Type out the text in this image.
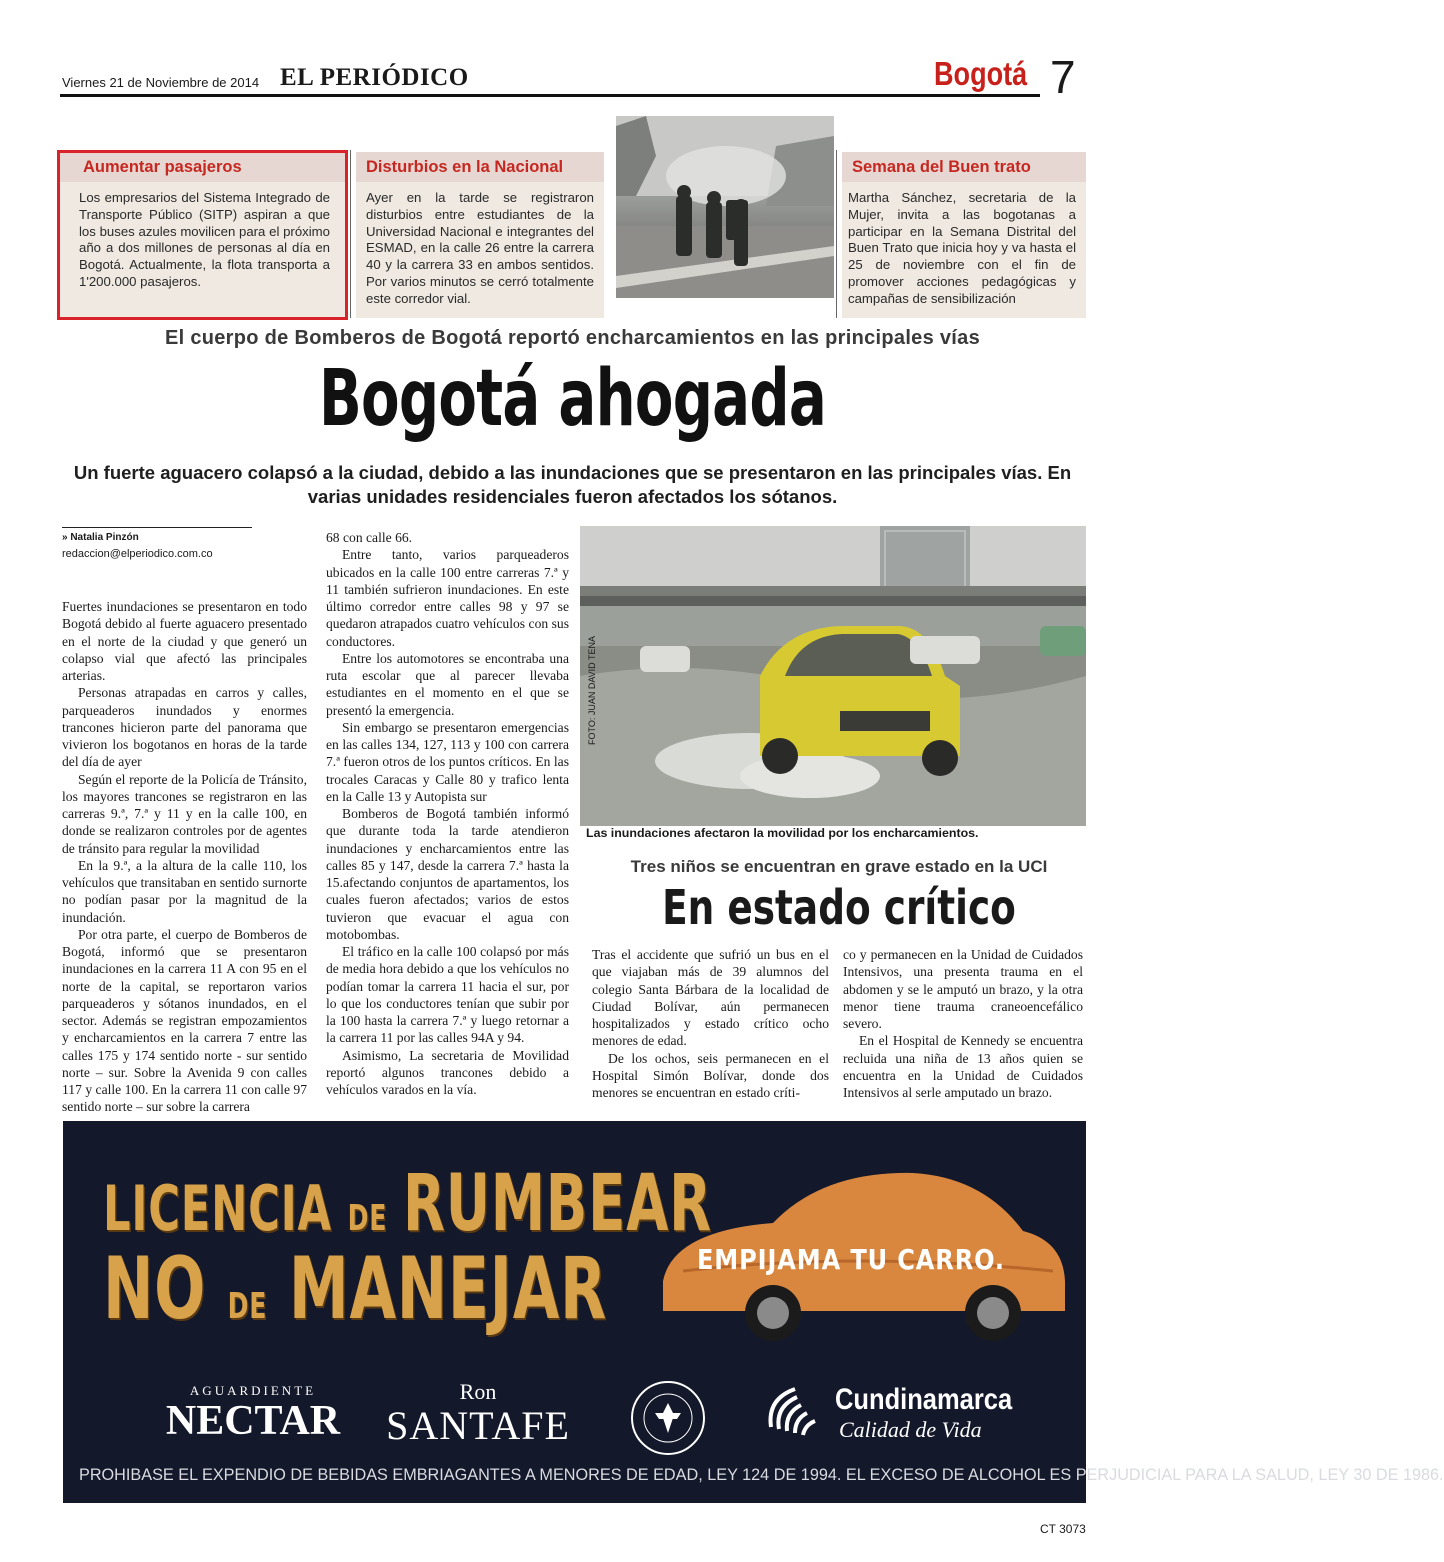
Viernes 21 de Noviembre de 2014 EL PERIÓDICO	Bogotá 7
Aumentar pasajeros
Los empresarios del Sistema Integrado de Transporte Público (SITP) aspiran a que los buses azules movilicen para el próximo año a dos millones de personas al día en Bogotá. Actualmente, la flota transporta a 1'200.000 pasajeros.
Disturbios en la Nacional
Ayer en la tarde se registraron disturbios entre estudiantes de la Universidad Nacional e integrantes del ESMAD, en la calle 26 entre la carrera 40 y la carrera 33 en ambos sentidos. Por varios minutos se cerró totalmente este corredor vial.
Semana del Buen trato
Martha Sánchez, secretaria de la Mujer, invita a las bogotanas a participar en la Semana Distrital del Buen Trato que inicia hoy y va hasta el 25 de noviembre con el fin de promover acciones pedagógicas y campañas de sensibilización
El cuerpo de Bomberos de Bogotá reportó encharcamientos en las principales vías
Bogotá ahogada
Un fuerte aguacero colapsó a la ciudad, debido a las inundaciones que se presentaron en las principales vías. En varias unidades residenciales fueron afectados los sótanos.
» Natalia Pinzón
redaccion@elperiodico.com.co

Fuertes inundaciones se presentaron en todo Bogotá debido al fuerte aguacero presentado en el norte de la ciudad y que generó un colapso vial que afectó las principales arterias.

Personas atrapadas en carros y calles, parqueaderos inundados y enormes trancones hicieron parte del panorama que vivieron los bogotanos en horas de la tarde del día de ayer

Según el reporte de la Policía de Tránsito, los mayores trancones se registraron en las carreras 9.ª, 7.ª y 11 y en la calle 100, en donde se realizaron controles por de agentes de tránsito para regular la movilidad

En la 9.ª, a la altura de la calle 110, los vehículos que transitaban en sentido surnorte no podían pasar por la magnitud de la inundación.

Por otra parte, el cuerpo de Bomberos de Bogotá, informó que se presentaron inundaciones en la carrera 11 A con 95 en el norte de la capital, se reportaron varios parqueaderos y sótanos inundados, en el sector. Además se registran empozamientos y encharcamientos en la carrera 7 entre las calles 175 y 174 sentido norte - sur sentido norte – sur. Sobre la Avenida 9 con calles 117 y calle 100. En la carrera 11 con calle 97 sentido norte – sur sobre la carrera

68 con calle 66.

Entre tanto, varios parqueaderos ubicados en la calle 100 entre carreras 7.ª y 11 también sufrieron inundaciones. En este último corredor entre calles 98 y 97 se quedaron atrapados cuatro vehículos con sus conductores.

Entre los automotores se encontraba una ruta escolar que al parecer llevaba estudiantes en el momento en el que se presentó la emergencia.

Sin embargo se presentaron emergencias en las calles 134, 127, 113 y 100 con carrera 7.ª fueron otros de los puntos críticos. En las trocales Caracas y Calle 80 y trafico lenta en la Calle 13 y Autopista sur

Bomberos de Bogotá también informó que durante toda la tarde atendieron inundaciones y encharcamientos entre las calles 85 y 147, desde la carrera 7.ª hasta la 15.afectando conjuntos de apartamentos, los cuales fueron afectados; varios de estos tuvieron que evacuar el agua con motobombas.

El tráfico en la calle 100 colapsó por más de media hora debido a que los vehículos no podían tomar la carrera 11 hacia el sur, por lo que los conductores tenían que subir por la 100 hasta la carrera 7.ª y luego retornar a la carrera 11 por las calles 94A y 94.

Asimismo, La secretaria de Movilidad reportó algunos trancones debido a vehículos varados en la vía.

FOTO: JUAN DAVID TENA
Las inundaciones afectaron la movilidad por los encharcamientos.
Tres niños se encuentran en grave estado en la UCI
En estado crítico

Tras el accidente que sufrió un bus en el que viajaban más de 39 alumnos del colegio Santa Bárbara de la localidad de Ciudad Bolívar, aún permanecen hospitalizados y estado crítico ocho menores de edad.

De los ochos, seis permanecen en el Hospital Simón Bolívar, donde dos menores se encuentran en estado críti-

co y permanecen en la Unidad de Cuidados Intensivos, una presenta trauma en el abdomen y se le amputó un brazo, y la otra menor tiene trauma craneoencefálico severo.

En el Hospital de Kennedy se encuentra recluida una niña de 13 años quien se encuentra en la Unidad de Cuidados Intensivos al serle amputado un brazo.

LICENCIA DE RUMBEAR
NO DE MANEJAR	EMPIJAMA TU CARRO.
AGUARDIENTE
NECTAR
Ron
SANTAFE
Cundinamarca
Calidad de Vida
PROHIBASE EL EXPENDIO DE BEBIDAS EMBRIAGANTES A MENORES DE EDAD, LEY 124 DE 1994. EL EXCESO DE ALCOHOL ES PERJUDICIAL PARA LA SALUD, LEY 30 DE 1986.
CT 3073
